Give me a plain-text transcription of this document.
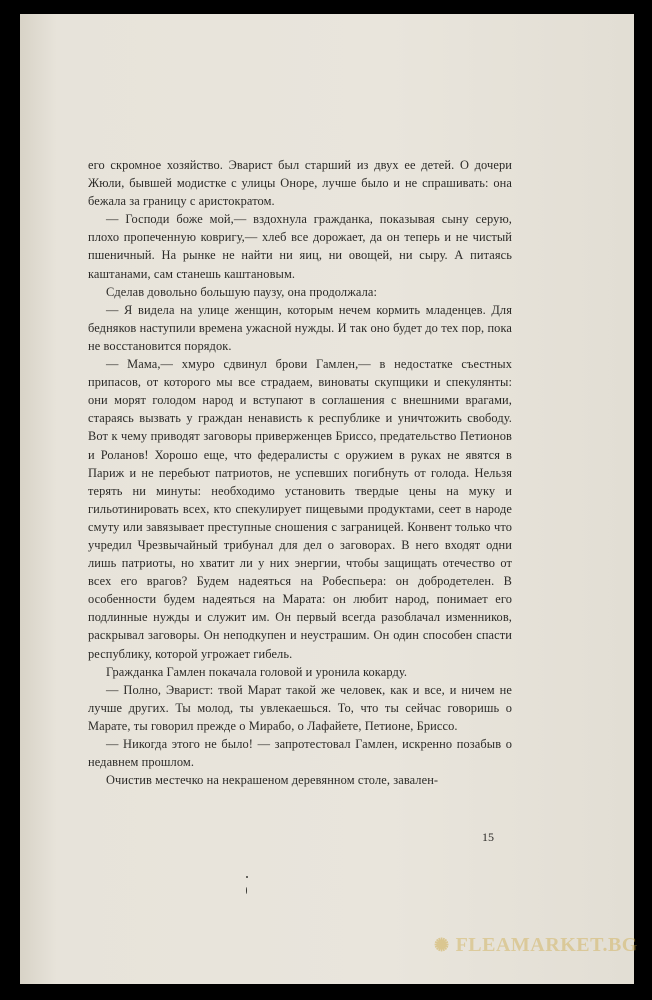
его скромное хозяйство. Эварист был старший из двух ее детей. О дочери Жюли, бывшей модистке с улицы Оноре, лучше было и не спрашивать: она бежала за границу с аристократом.

— Господи боже мой,— вздохнула гражданка, показывая сыну серую, плохо пропеченную ковригу,— хлеб все дорожает, да он теперь и не чистый пшеничный. На рынке не найти ни яиц, ни овощей, ни сыру. А питаясь каштанами, сам станешь каштановым.

Сделав довольно большую паузу, она продолжала:

— Я видела на улице женщин, которым нечем кормить младенцев. Для бедняков наступили времена ужасной нужды. И так оно будет до тех пор, пока не восстановится порядок.

— Мама,— хмуро сдвинул брови Гамлен,— в недостатке съестных припасов, от которого мы все страдаем, виноваты скупщики и спекулянты: они морят голодом народ и вступают в соглашения с внешними врагами, стараясь вызвать у граждан ненависть к республике и уничтожить свободу. Вот к чему приводят заговоры приверженцев Бриссо, предательство Петионов и Роланов! Хорошо еще, что федералисты с оружием в руках не явятся в Париж и не перебьют патриотов, не успевших погибнуть от голода. Нельзя терять ни минуты: необходимо установить твердые цены на муку и гильотинировать всех, кто спекулирует пищевыми продуктами, сеет в народе смуту или завязывает преступные сношения с заграницей. Конвент только что учредил Чрезвычайный трибунал для дел о заговорах. В него входят одни лишь патриоты, но хватит ли у них энергии, чтобы защищать отечество от всех его врагов? Будем надеяться на Робеспьера: он добродетелен. В особенности будем надеяться на Марата: он любит народ, понимает его подлинные нужды и служит им. Он первый всегда разоблачал изменников, раскрывал заговоры. Он неподкупен и неустрашим. Он один способен спасти республику, которой угрожает гибель.

Гражданка Гамлен покачала головой и уронила кокарду.

— Полно, Эварист: твой Марат такой же человек, как и все, и ничем не лучше других. Ты молод, ты увлекаешься. То, что ты сейчас говоришь о Марате, ты говорил прежде о Мирабо, о Лафайете, Петионе, Бриссо.

— Никогда этого не было! — запротестовал Гамлен, искренно позабыв о недавнем прошлом.

Очистив местечко на некрашеном деревянном столе, завален-

15
✺ FLEAMARKET.BG
